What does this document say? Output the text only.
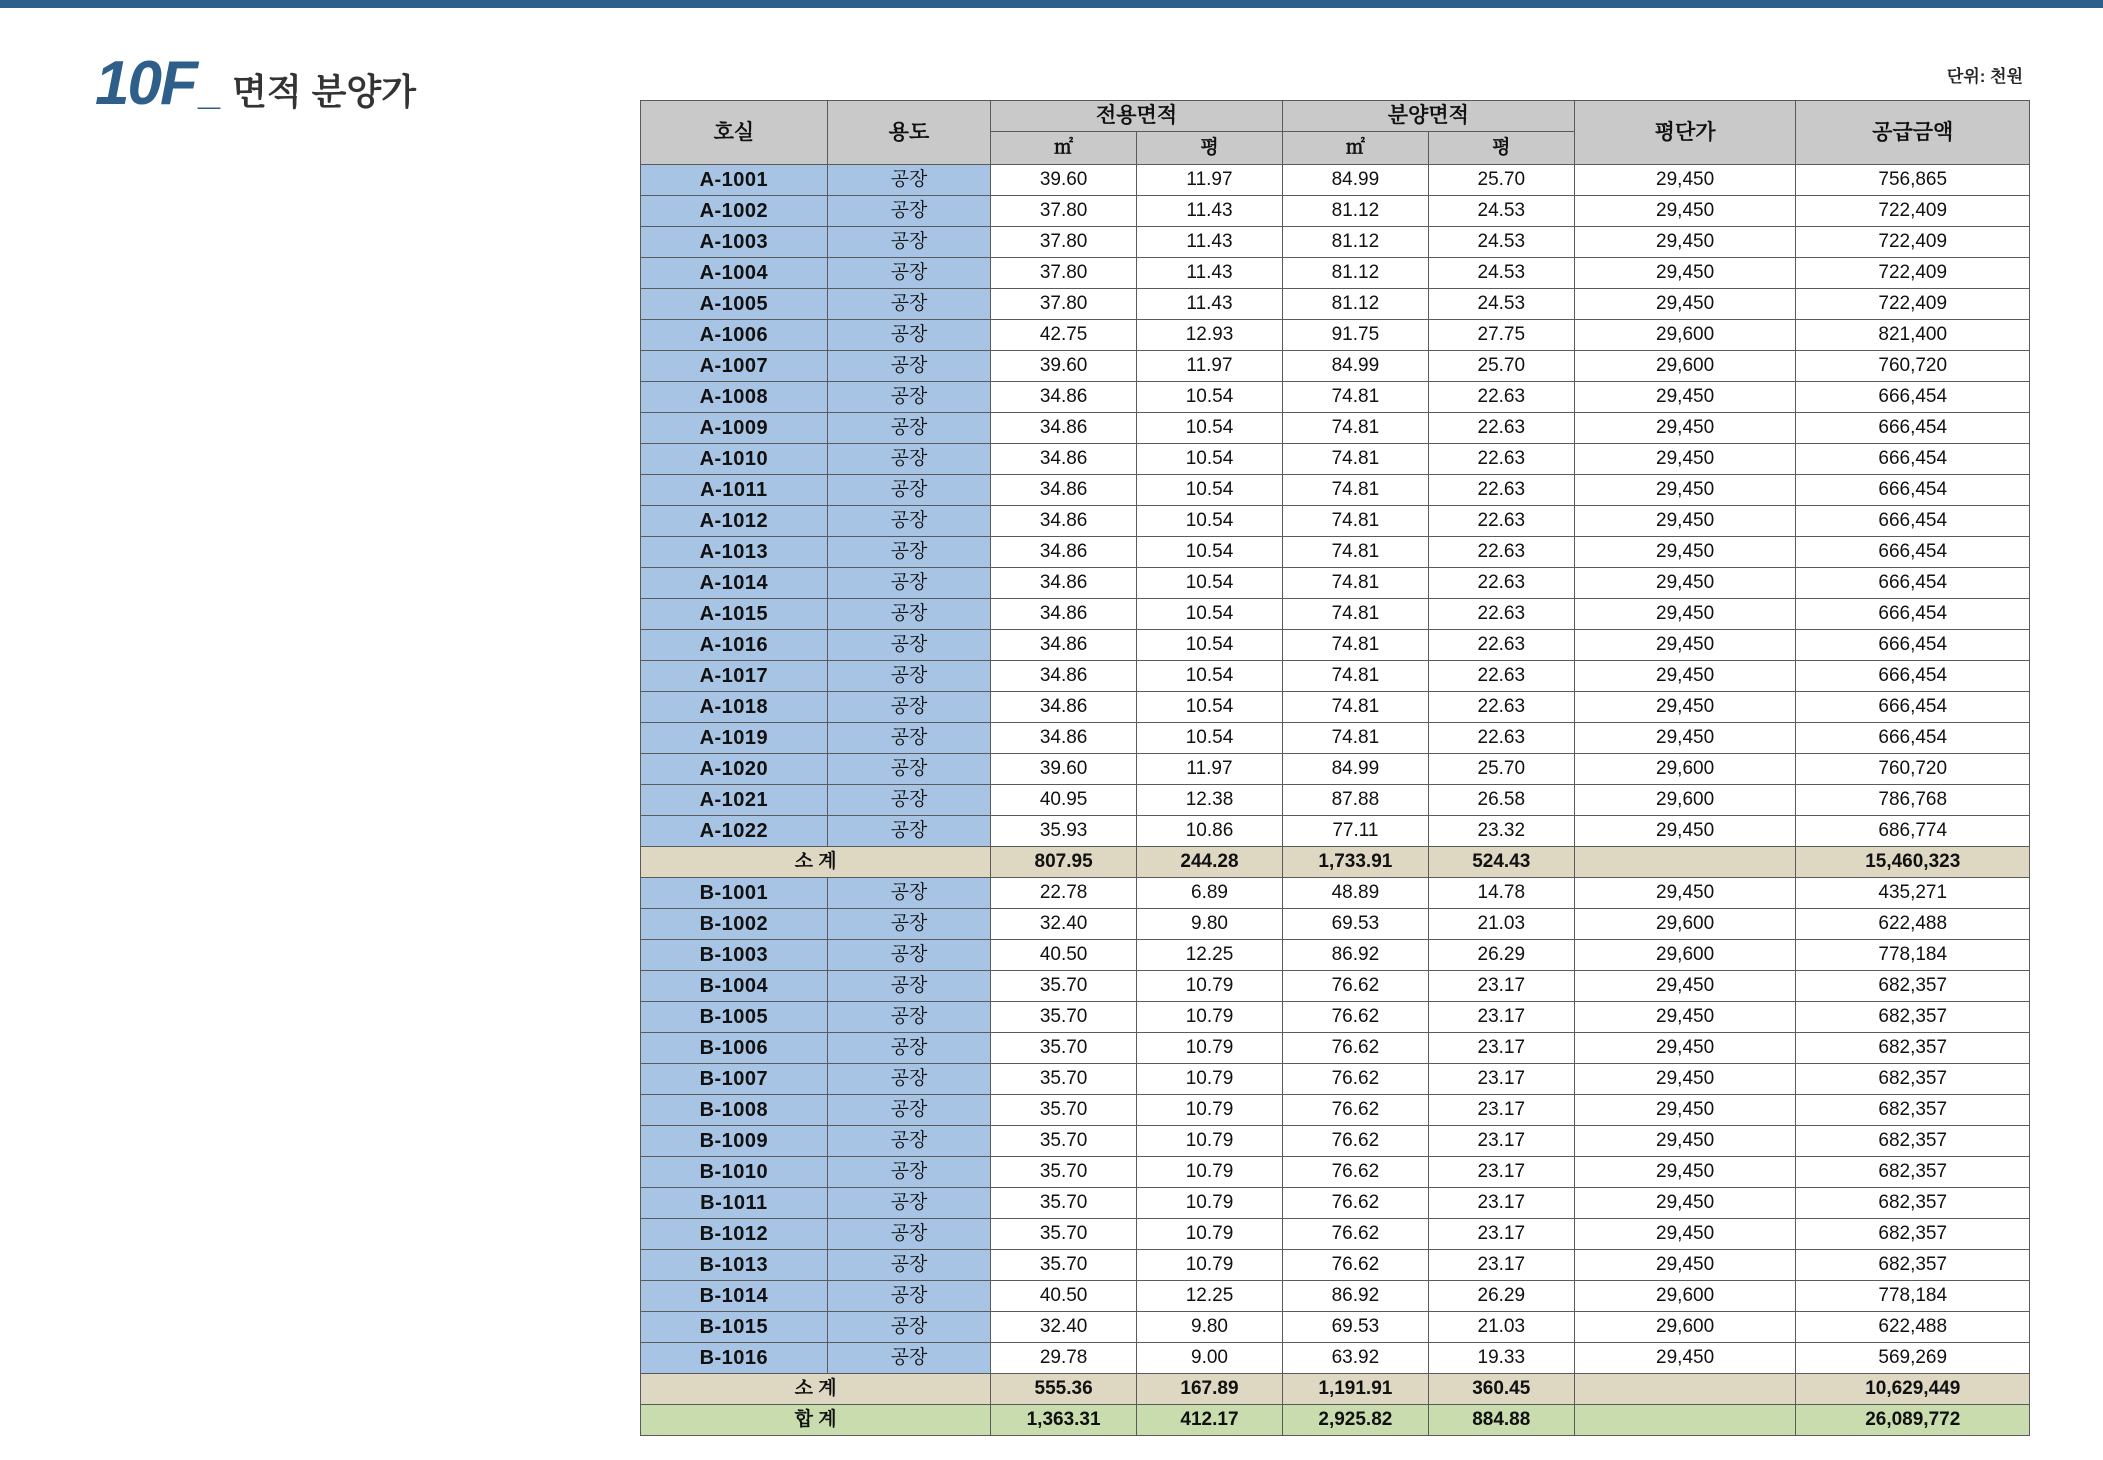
10F _ 면적 분양가	단위: 천원
호실	용도	전용면적		분양면적		평단가	공급금액
		㎡	평	㎡	평		
A-1001	공장	39.60	11.97	84.99	25.70	29,450	756,865
A-1002	공장	37.80	11.43	81.12	24.53	29,450	722,409
A-1003	공장	37.80	11.43	81.12	24.53	29,450	722,409
A-1004	공장	37.80	11.43	81.12	24.53	29,450	722,409
A-1005	공장	37.80	11.43	81.12	24.53	29,450	722,409
A-1006	공장	42.75	12.93	91.75	27.75	29,600	821,400
A-1007	공장	39.60	11.97	84.99	25.70	29,600	760,720
A-1008	공장	34.86	10.54	74.81	22.63	29,450	666,454
A-1009	공장	34.86	10.54	74.81	22.63	29,450	666,454
A-1010	공장	34.86	10.54	74.81	22.63	29,450	666,454
A-1011	공장	34.86	10.54	74.81	22.63	29,450	666,454
A-1012	공장	34.86	10.54	74.81	22.63	29,450	666,454
A-1013	공장	34.86	10.54	74.81	22.63	29,450	666,454
A-1014	공장	34.86	10.54	74.81	22.63	29,450	666,454
A-1015	공장	34.86	10.54	74.81	22.63	29,450	666,454
A-1016	공장	34.86	10.54	74.81	22.63	29,450	666,454
A-1017	공장	34.86	10.54	74.81	22.63	29,450	666,454
A-1018	공장	34.86	10.54	74.81	22.63	29,450	666,454
A-1019	공장	34.86	10.54	74.81	22.63	29,450	666,454
A-1020	공장	39.60	11.97	84.99	25.70	29,600	760,720
A-1021	공장	40.95	12.38	87.88	26.58	29,600	786,768
A-1022	공장	35.93	10.86	77.11	23.32	29,450	686,774
소 계		807.95	244.28	1,733.91	524.43		15,460,323
B-1001	공장	22.78	6.89	48.89	14.78	29,450	435,271
B-1002	공장	32.40	9.80	69.53	21.03	29,600	622,488
B-1003	공장	40.50	12.25	86.92	26.29	29,600	778,184
B-1004	공장	35.70	10.79	76.62	23.17	29,450	682,357
B-1005	공장	35.70	10.79	76.62	23.17	29,450	682,357
B-1006	공장	35.70	10.79	76.62	23.17	29,450	682,357
B-1007	공장	35.70	10.79	76.62	23.17	29,450	682,357
B-1008	공장	35.70	10.79	76.62	23.17	29,450	682,357
B-1009	공장	35.70	10.79	76.62	23.17	29,450	682,357
B-1010	공장	35.70	10.79	76.62	23.17	29,450	682,357
B-1011	공장	35.70	10.79	76.62	23.17	29,450	682,357
B-1012	공장	35.70	10.79	76.62	23.17	29,450	682,357
B-1013	공장	35.70	10.79	76.62	23.17	29,450	682,357
B-1014	공장	40.50	12.25	86.92	26.29	29,600	778,184
B-1015	공장	32.40	9.80	69.53	21.03	29,600	622,488
B-1016	공장	29.78	9.00	63.92	19.33	29,450	569,269
소 계		555.36	167.89	1,191.91	360.45		10,629,449
합 계		1,363.31	412.17	2,925.82	884.88		26,089,772
